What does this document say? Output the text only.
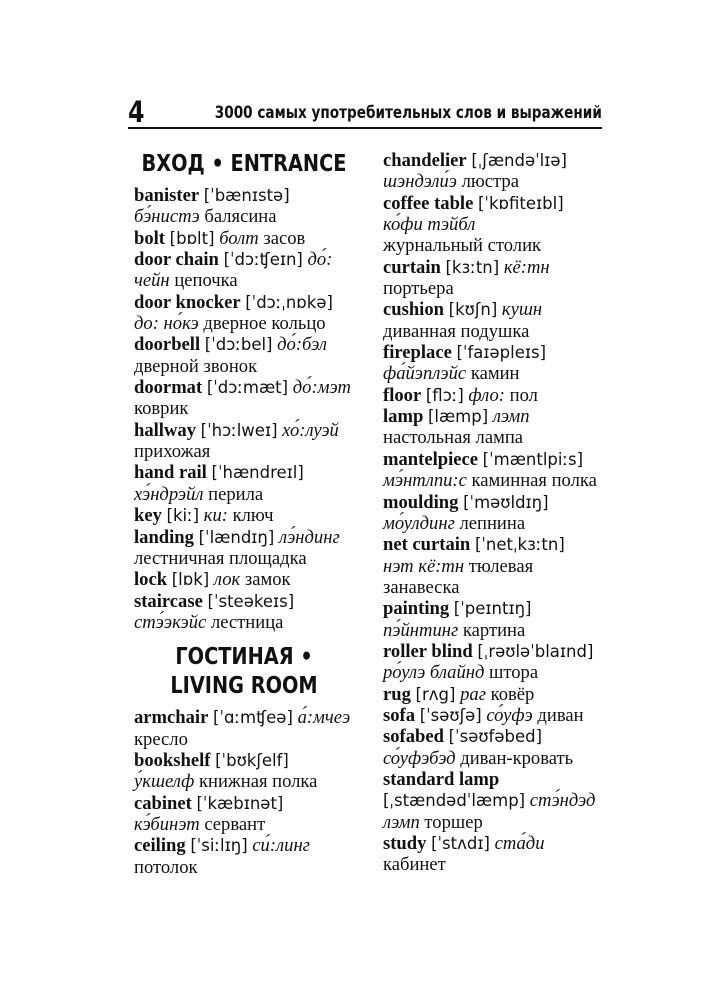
4	3000 самых употребительных слов и выражений
ВХОД • ENTRANCE

banister [ˈbænɪstə]
бэ́нистэ балясина

bolt [bɒlt] болт засов

door chain [ˈdɔːʧeɪn] до́: чейн цепочка

door knocker [ˈdɔːˌnɒkə]
до: но́кэ дверное кольцо

doorbell [ˈdɔːbel] до́:бэл
дверной звонок

doormat [ˈdɔːmæt] до́:мэт
коврик

hallway [ˈhɔːlweɪ] хо́:луэй
прихожая

hand rail [ˈhændreɪl]
хэ́ндрэйл перила

key [kiː] ки: ключ

landing [ˈlændɪŋ] лэ́ндинг
лестничная площадка

lock [lɒk] лок замок

staircase [ˈsteəkeɪs]
стэ́экэйс лестница

ГОСТИНАЯ • LIVING ROOM

armchair [ˈɑːmʧeə] а́:мчеэ
кресло

bookshelf [ˈbʊkʃelf]
у́кшелф книжная полка

cabinet [ˈkæbɪnət]
кэ́бинэт сервант

ceiling [ˈsiːlɪŋ] си́:линг
потолок

chandelier [ˌʃændəˈlɪə]
шэндэли́э люстра

coffee table [ˈkɒfiteɪbl]
ко́фи тэйбл
журнальный столик

curtain [kɜːtn] кё:тн
портьера

cushion [kʊʃn] кушн
диванная подушка

fireplace [ˈfaɪəpleɪs]
фа́йэплэйс камин

floor [flɔː] фло: пол

lamp [læmp] лэмп
настольная лампа

mantelpiece [ˈmæntlpiːs]
мэ́нтлпи:с каминная полка

moulding [ˈməʊldɪŋ]
мо́улдинг лепнина

net curtain [ˈnetˌkɜːtn]
нэт кё:тн тюлевая занавеска

painting [ˈpeɪntɪŋ]
пэ́йнтинг картина

roller blind [ˌrəʊləˈblaɪnd]
ро́улэ блайнд штора

rug [rʌg] раг ковёр

sofa [ˈsəʊʃə] со́уфэ диван

sofabed [ˈsəʊfəbed]
со́уфэбэд диван-кровать

standard lamp
[ˌstændədˈlæmp] стэ́ндэд лэмп торшер

study [ˈstʌdɪ] ста́ди
кабинет
